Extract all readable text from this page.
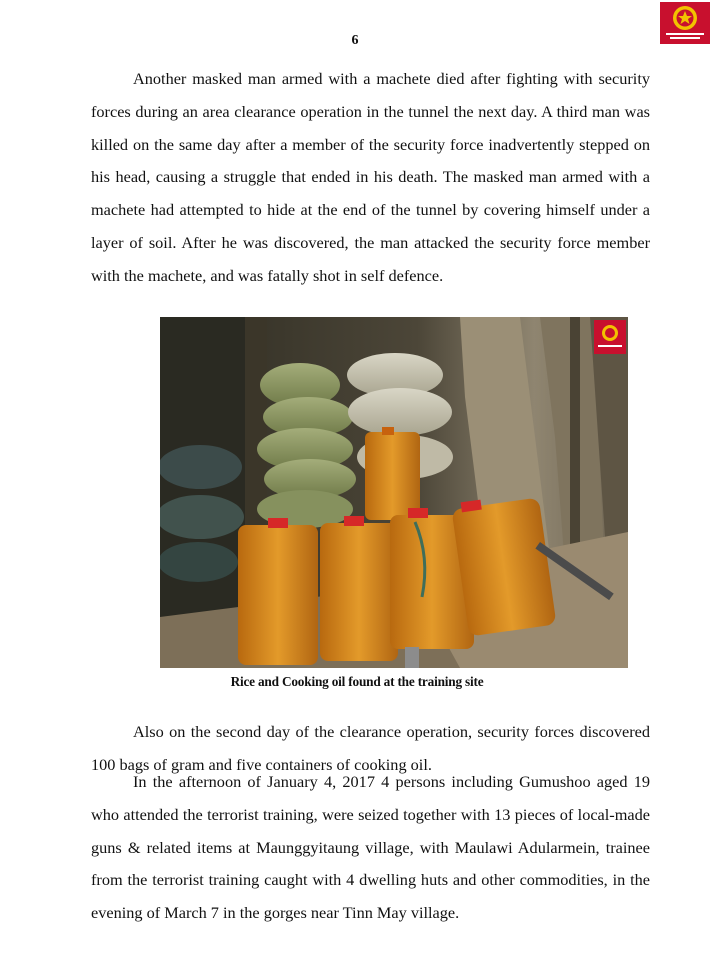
6

Another masked man armed with a machete died after fighting with security forces during an area clearance operation in the tunnel the next day. A third man was killed on the same day after a member of the security force inadvertently stepped on his head, causing a struggle that ended in his death. The masked man armed with a machete had attempted to hide at the end of the tunnel by covering himself under a layer of soil. After he was discovered, the man attacked the security force member with the machete, and was fatally shot in self defence.

Rice and Cooking oil found at the training site

Also on the second day of the clearance operation, security forces discovered 100 bags of gram and five containers of cooking oil.

In the afternoon of January 4, 2017 4 persons including Gumushoo aged 19 who attended the terrorist training, were seized together with 13 pieces of local-made guns & related items at Maunggyitaung village, with Maulawi Adularmein, trainee from the terrorist training caught with 4 dwelling huts and other commodities, in the evening of March 7 in the gorges near Tinn May village.
